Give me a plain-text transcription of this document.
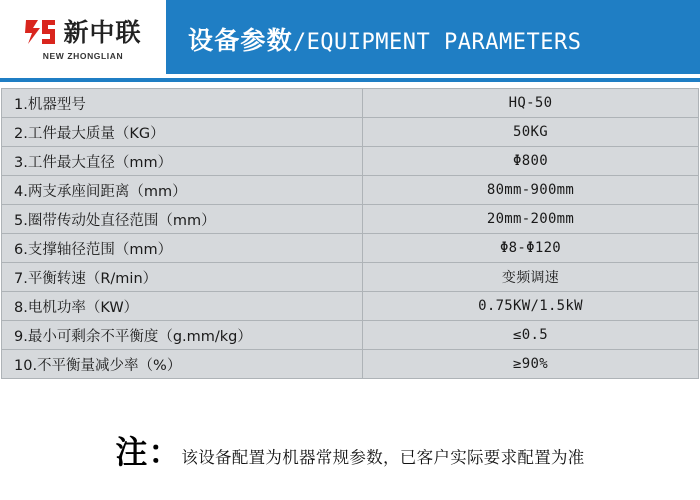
新中联
NEW ZHONGLIAN
设备参数/EQUIPMENT PARAMETERS
1.机器型号	HQ-50
2.工件最大质量（KG）	50KG
3.工件最大直径（mm）	Φ800
4.两支承座间距离（mm）	80mm-900mm
5.圈带传动处直径范围（mm）	20mm-200mm
6.支撑轴径范围（mm）	Φ8-Φ120
7.平衡转速（R/min）	变频调速
8.电机功率（KW）	0.75KW/1.5kW
9.最小可剩余不平衡度（g.mm/kg）	≤0.5
10.不平衡量减少率（%）	≥90%
注：该设备配置为机器常规参数，已客户实际要求配置为准
